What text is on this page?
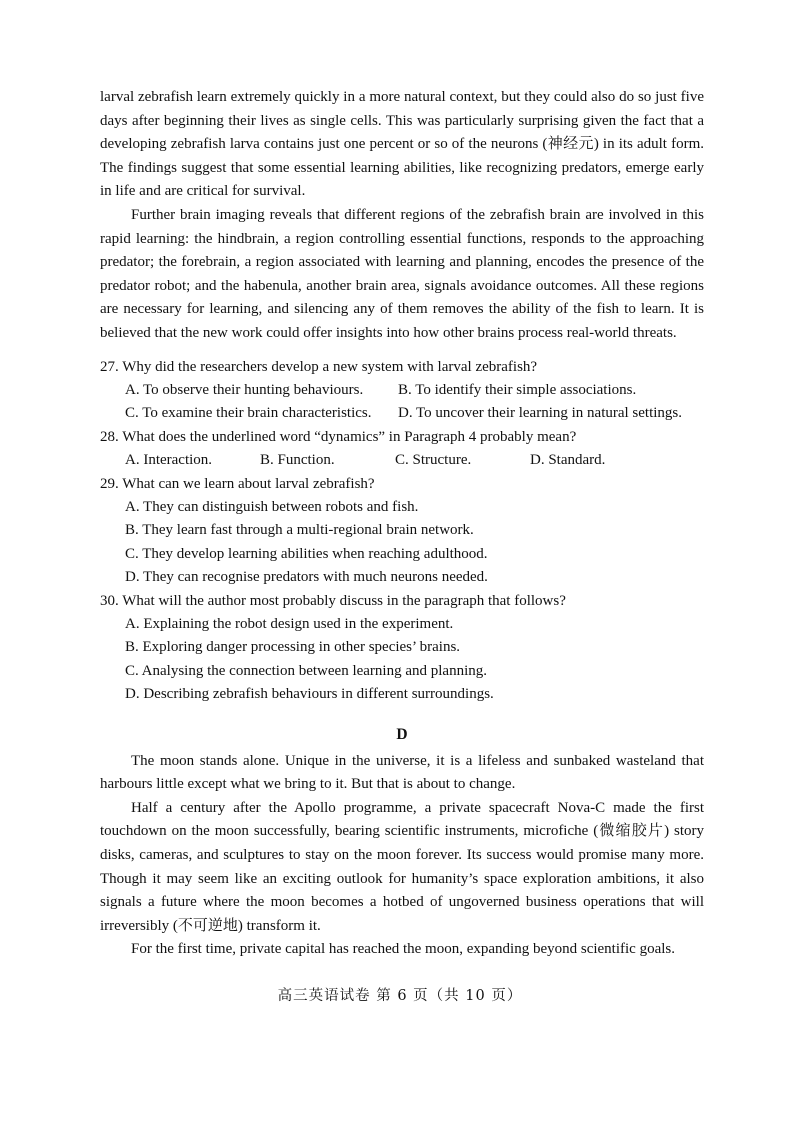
larval zebrafish learn extremely quickly in a more natural context, but they could also do so just five days after beginning their lives as single cells. This was particularly surprising given the fact that a developing zebrafish larva contains just one percent or so of the neurons (神经元) in its adult form. The findings suggest that some essential learning abilities, like recognizing predators, emerge early in life and are critical for survival.

Further brain imaging reveals that different regions of the zebrafish brain are involved in this rapid learning: the hindbrain, a region controlling essential functions, responds to the approaching predator; the forebrain, a region associated with learning and planning, encodes the presence of the predator robot; and the habenula, another brain area, signals avoidance outcomes. All these regions are necessary for learning, and silencing any of them removes the ability of the fish to learn. It is believed that the new work could offer insights into how other brains process real-world threats.

27. Why did the researchers develop a new system with larval zebrafish?

A. To observe their hunting behaviours.	B. To identify their simple associations.
C. To examine their brain characteristics.	D. To uncover their learning in natural settings.

28. What does the underlined word “dynamics” in Paragraph 4 probably mean?

A. Interaction.	B. Function.	C. Structure.	D. Standard.

29. What can we learn about larval zebrafish?

A. They can distinguish between robots and fish.

B. They learn fast through a multi-regional brain network.

C. They develop learning abilities when reaching adulthood.

D. They can recognise predators with much neurons needed.

30. What will the author most probably discuss in the paragraph that follows?

A. Explaining the robot design used in the experiment.

B. Exploring danger processing in other species’ brains.

C. Analysing the connection between learning and planning.

D. Describing zebrafish behaviours in different surroundings.

D

The moon stands alone. Unique in the universe, it is a lifeless and sunbaked wasteland that harbours little except what we bring to it. But that is about to change.

Half a century after the Apollo programme, a private spacecraft Nova-C made the first touchdown on the moon successfully, bearing scientific instruments, microfiche (微缩胶片) story disks, cameras, and sculptures to stay on the moon forever. Its success would promise many more. Though it may seem like an exciting outlook for humanity’s space exploration ambitions, it also signals a future where the moon becomes a hotbed of ungoverned business operations that will irreversibly (不可逆地) transform it.

For the first time, private capital has reached the moon, expanding beyond scientific goals.

高三英语试卷 第 6 页（共 10 页）
